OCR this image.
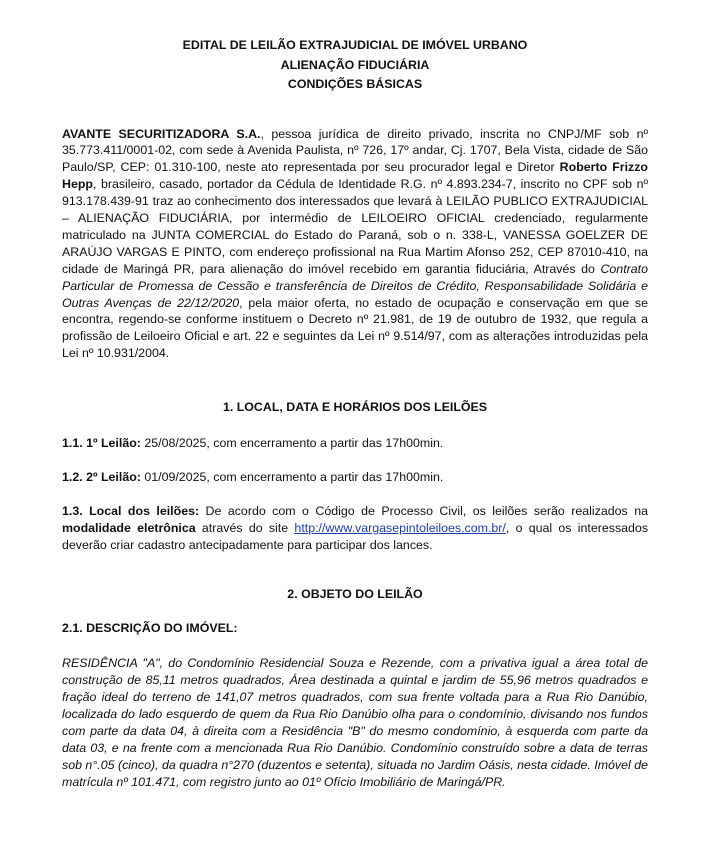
EDITAL DE LEILÃO EXTRAJUDICIAL DE IMÓVEL URBANO
ALIENAÇÃO FIDUCIÁRIA
CONDIÇÕES BÁSICAS

AVANTE SECURITIZADORA S.A., pessoa jurídica de direito privado, inscrita no CNPJ/MF sob nº 35.773.411/0001-02, com sede à Avenida Paulista, nº 726, 17º andar, Cj. 1707, Bela Vista, cidade de São Paulo/SP, CEP: 01.310-100, neste ato representada por seu procurador legal e Diretor Roberto Frizzo Hepp, brasileiro, casado, portador da Cédula de Identidade R.G. nº 4.893.234-7, inscrito no CPF sob nº 913.178.439-91 traz ao conhecimento dos interessados que levará à LEILÃO PUBLICO EXTRAJUDICIAL – ALIENAÇÃO FIDUCIÁRIA, por intermédio de LEILOEIRO OFICIAL credenciado, regularmente matriculado na JUNTA COMERCIAL do Estado do Paraná, sob o n. 338-L, VANESSA GOELZER DE ARAÚJO VARGAS E PINTO, com endereço profissional na Rua Martim Afonso 252, CEP 87010-410, na cidade de Maringá PR, para alienação do imóvel recebido em garantia fiduciária, Através do Contrato Particular de Promessa de Cessão e transferência de Direitos de Crédito, Responsabilidade Solidária e Outras Avenças de 22/12/2020, pela maior oferta, no estado de ocupação e conservação em que se encontra, regendo-se conforme instituem o Decreto nº 21.981, de 19 de outubro de 1932, que regula a profissão de Leiloeiro Oficial e art. 22 e seguintes da Lei nº 9.514/97, com as alterações introduzidas pela Lei nº 10.931/2004.

1. LOCAL, DATA E HORÁRIOS DOS LEILÕES

1.1. 1º Leilão: 25/08/2025, com encerramento a partir das 17h00min.

1.2. 2º Leilão: 01/09/2025, com encerramento a partir das 17h00min.

1.3. Local dos leilões: De acordo com o Código de Processo Civil, os leilões serão realizados na modalidade eletrônica através do site http://www.vargasepintoleiloes.com.br/, o qual os interessados deverão criar cadastro antecipadamente para participar dos lances.

2. OBJETO DO LEILÃO

2.1. DESCRIÇÃO DO IMÓVEL:

RESIDÊNCIA "A", do Condomínio Residencial Souza e Rezende, com a privativa igual a área total de construção de 85,11 metros quadrados, Área destinada a quintal e jardim de 55,96 metros quadrados e fração ideal do terreno de 141,07 metros quadrados, com sua frente voltada para a Rua Rio Danúbio, localizada do lado esquerdo de quem da Rua Rio Danúbio olha para o condomínio, divisando nos fundos com parte da data 04, à direita com a Residência "B" do mesmo condomínio, à esquerda com parte da data 03, e na frente com a mencionada Rua Rio Danúbio. Condomínio construído sobre a data de terras sob n°.05 (cinco), da quadra n°270 (duzentos e setenta), situada no Jardim Oásis, nesta cidade. Imóvel de matrícula nº 101.471, com registro junto ao 01º Ofício Imobiliário de Maringá/PR.
